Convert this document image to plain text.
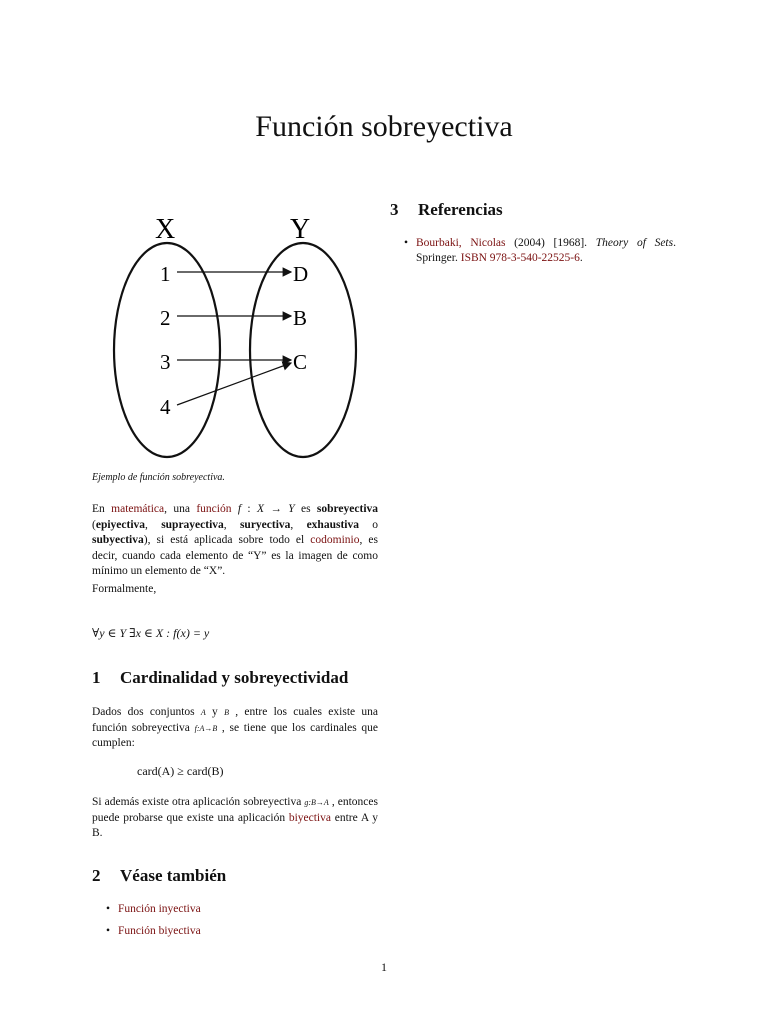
Función sobreyectiva
X	Y
1
2
3
4
D
B
C
Ejemplo de función sobreyectiva.

En matemática, una función f : X → Y es sobreyectiva (epiyectiva, suprayectiva, suryectiva, exhaustiva o subyectiva), si está aplicada sobre todo el codominio, es decir, cuando cada elemento de “Y” es la imagen de como mínimo un elemento de “X”.

Formalmente,

∀y ∈ Y ∃x ∈ X : f(x) = y
1 Cardinalidad y sobreyectividad

Dados dos conjuntos A y B , entre los cuales existe una función sobreyectiva f:A→B , se tiene que los cardinales que cumplen:

card(A) ≥ card(B)

Si además existe otra aplicación sobreyectiva g:B→A , entonces puede probarse que existe una aplicación biyectiva entre A y B.

2 Véase también
• Función inyectiva
• Función biyectiva
3 Referencias
• Bourbaki, Nicolas (2004) [1968]. Theory of Sets. Springer. ISBN 978-3-540-22525-6.
1
